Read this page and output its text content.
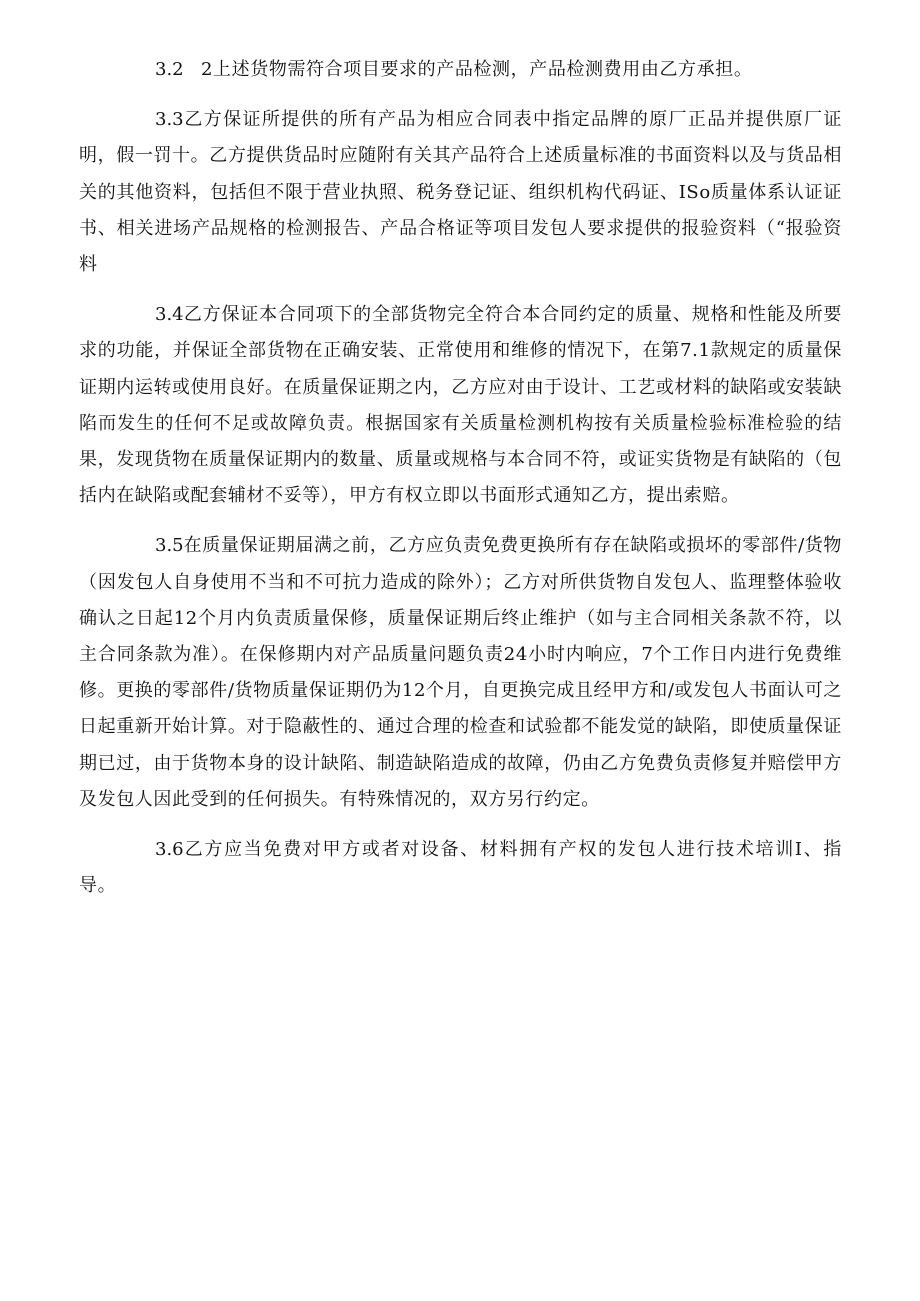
3.2 2上述货物需符合项目要求的产品检测，产品检测费用由乙方承担。

3.3乙方保证所提供的所有产品为相应合同表中指定品牌的原厂正品并提供原厂证明，假一罚十。乙方提供货品时应随附有关其产品符合上述质量标准的书面资料以及与货品相关的其他资料，包括但不限于营业执照、税务登记证、组织机构代码证、ISo质量体系认证证书、相关进场产品规格的检测报告、产品合格证等项目发包人要求提供的报验资料（“报验资料

3.4乙方保证本合同项下的全部货物完全符合本合同约定的质量、规格和性能及所要求的功能，并保证全部货物在正确安装、正常使用和维修的情况下，在第7.1款规定的质量保证期内运转或使用良好。在质量保证期之内，乙方应对由于设计、工艺或材料的缺陷或安装缺陷而发生的任何不足或故障负责。根据国家有关质量检测机构按有关质量检验标准检验的结果，发现货物在质量保证期内的数量、质量或规格与本合同不符，或证实货物是有缺陷的（包括内在缺陷或配套辅材不妥等），甲方有权立即以书面形式通知乙方，提出索赔。

3.5在质量保证期届满之前，乙方应负责免费更换所有存在缺陷或损坏的零部件/货物（因发包人自身使用不当和不可抗力造成的除外）；乙方对所供货物自发包人、监理整体验收确认之日起12个月内负责质量保修，质量保证期后终止维护（如与主合同相关条款不符，以主合同条款为准）。在保修期内对产品质量问题负责24小时内响应，7个工作日内进行免费维修。更换的零部件/货物质量保证期仍为12个月，自更换完成且经甲方和/或发包人书面认可之日起重新开始计算。对于隐蔽性的、通过合理的检查和试验都不能发觉的缺陷，即使质量保证期已过，由于货物本身的设计缺陷、制造缺陷造成的故障，仍由乙方免费负责修复并赔偿甲方及发包人因此受到的任何损失。有特殊情况的，双方另行约定。

3.6乙方应当免费对甲方或者对设备、材料拥有产权的发包人进行技术培训I、指导。
